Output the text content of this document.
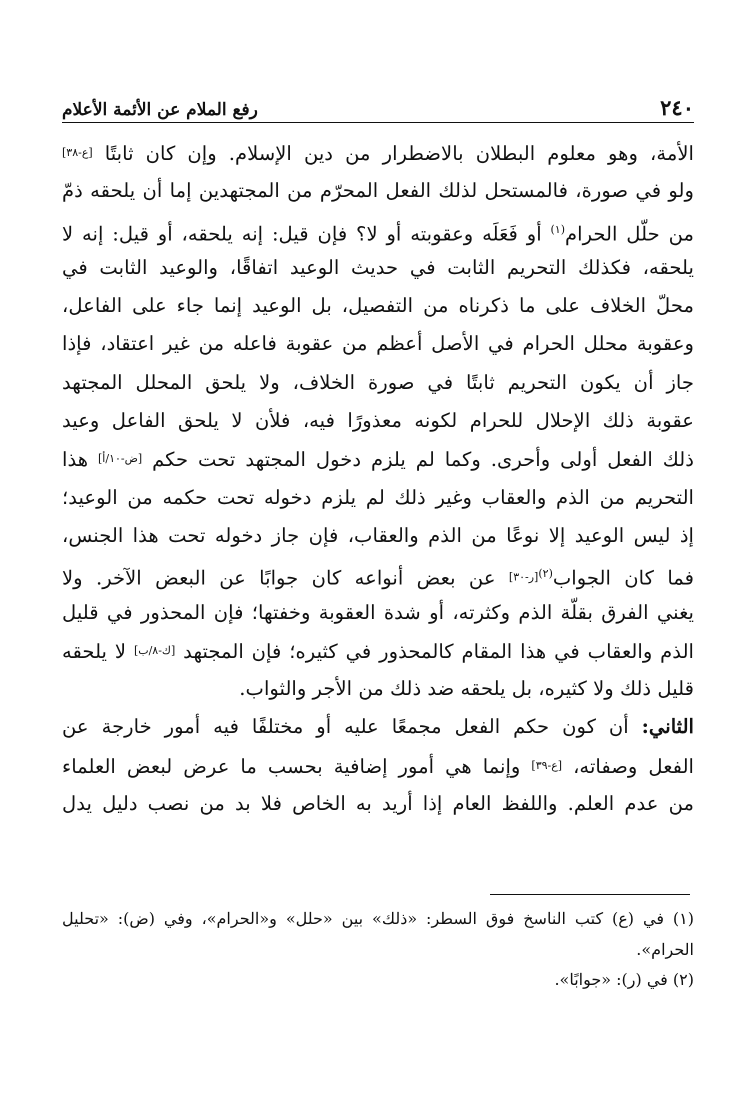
٢٤٠
رفع الملام عن الأئمة الأعلام
الأمة، وهو معلوم البطلان بالاضطرار من دين الإسلام. وإن كان ثابتًا [ع-٣٨]
ولو في صورة، فالمستحل لذلك الفعل المحرّم من المجتهدين إما أن يلحقه ذمّ
من حلّل الحرام$^{(١)}$ أو فَعَلَه وعقوبته أو لا؟ فإن قيل: إنه يلحقه، أو قيل: إنه لا
يلحقه، فكذلك التحريم الثابت في حديث الوعيد اتفاقًا، والوعيد الثابت في
محلّ الخلاف على ما ذكرناه من التفصيل، بل الوعيد إنما جاء على الفاعل،
وعقوبة محلل الحرام في الأصل أعظم من عقوبة فاعله من غير اعتقاد، فإذا
جاز أن يكون التحريم ثابتًا في صورة الخلاف، ولا يلحق المحلل المجتهد
عقوبة ذلك الإحلال للحرام لكونه معذورًا فيه، فلأن لا يلحق الفاعل وعيد
ذلك الفعل أولى وأحرى. وكما لم يلزم دخول المجتهد تحت حكم [ض-١٠/أ] هذا
التحريم من الذم والعقاب وغير ذلك لم يلزم دخوله تحت حكمه من الوعيد؛
إذ ليس الوعيد إلا نوعًا من الذم والعقاب، فإن جاز دخوله تحت هذا الجنس،
فما كان الجواب$^{(٢)[ر-٣٠]}$ عن بعض أنواعه كان جوابًا عن البعض الآخر. ولا
يغني الفرق بقلّة الذم وكثرته، أو شدة العقوبة وخفتها؛ فإن المحذور في قليل
الذم والعقاب في هذا المقام كالمحذور في كثيره؛ فإن المجتهد [ك-٨/ب] لا يلحقه
قليل ذلك ولا كثيره، بل يلحقه ضد ذلك من الأجر والثواب.
الثاني: أن كون حكم الفعل مجمعًا عليه أو مختلفًا فيه أمور خارجة عن
الفعل وصفاته، [ع-٣٩] وإنما هي أمور إضافية بحسب ما عرض لبعض العلماء
من عدم العلم. واللفظ العام إذا أريد به الخاص فلا بد من نصب دليل يدل
(١) في (ع) كتب الناسخ فوق السطر: «ذلك» بين «حلل» و«الحرام»، وفي (ض): «تحليل
الحرام».
(٢) في (ر): «جوابًا».
